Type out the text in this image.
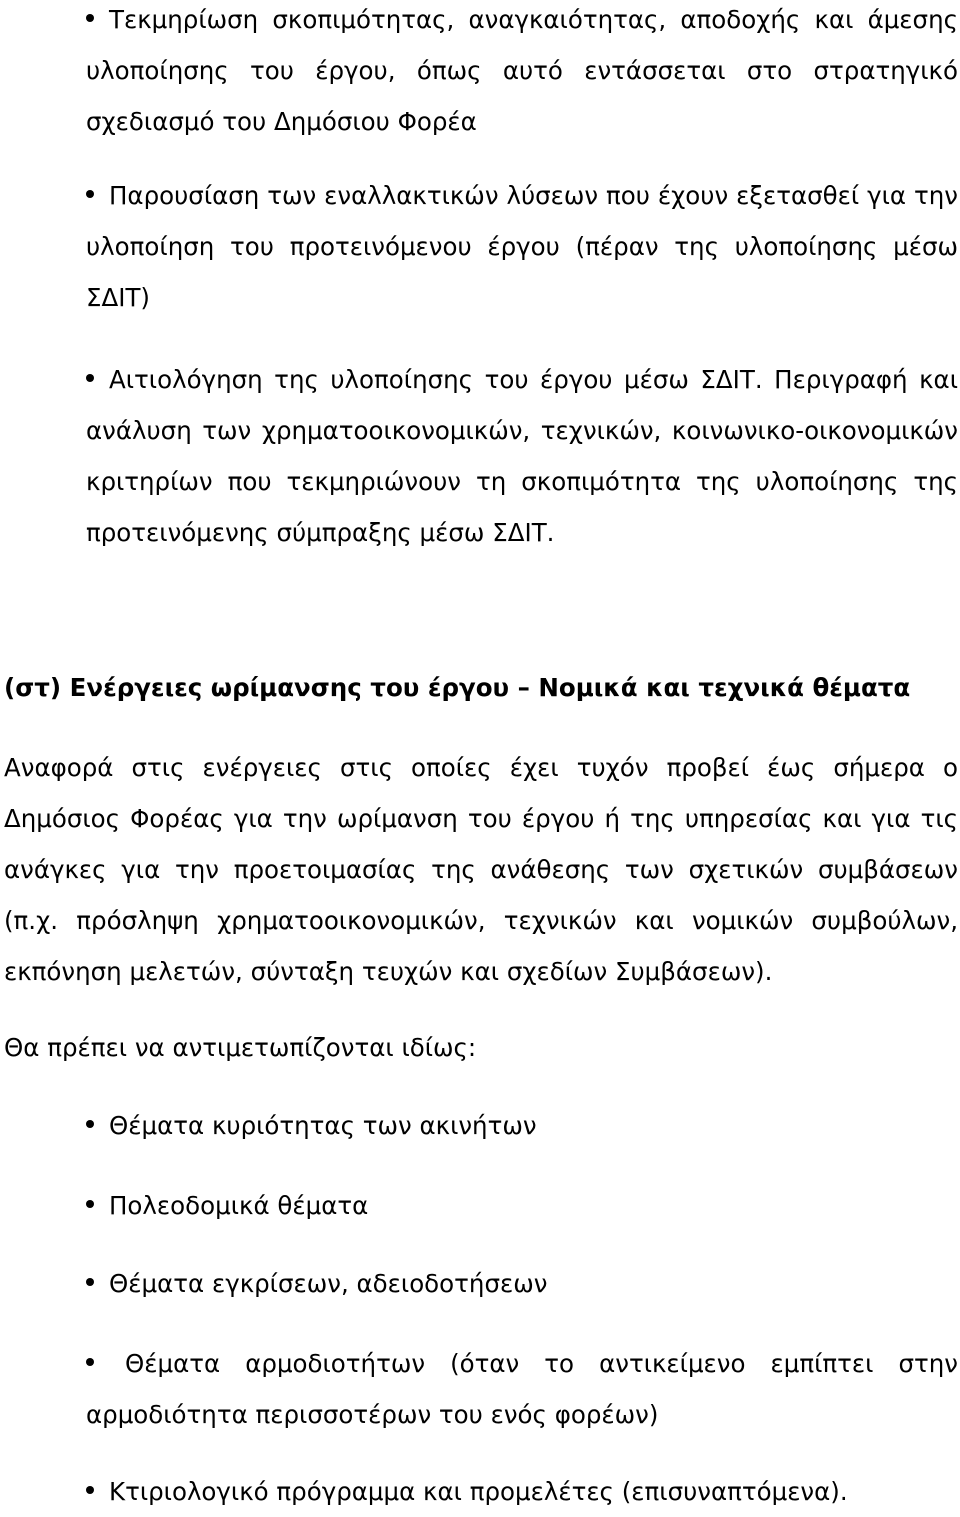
Τεκμηρίωση σκοπιμότητας, αναγκαιότητας, αποδοχής και άμεσης υλοποίησης του έργου, όπως αυτό εντάσσεται στο στρατηγικό σχεδιασμό του Δημόσιου Φορέα
Παρουσίαση των εναλλακτικών λύσεων που έχουν εξετασθεί για την υλοποίηση του προτεινόμενου έργου (πέραν της υλοποίησης μέσω ΣΔΙΤ)
Αιτιολόγηση της υλοποίησης του έργου μέσω ΣΔΙΤ. Περιγραφή και ανάλυση των χρηματοοικονομικών, τεχνικών, κοινωνικο-οικονομικών κριτηρίων που τεκμηριώνουν τη σκοπιμότητα της υλοποίησης της προτεινόμενης σύμπραξης μέσω ΣΔΙΤ.
(στ) Ενέργειες ωρίμανσης του έργου – Νομικά και τεχνικά θέματα
Αναφορά στις ενέργειες στις οποίες έχει τυχόν προβεί έως σήμερα ο Δημόσιος Φορέας για την ωρίμανση του έργου ή της υπηρεσίας και για τις ανάγκες για την προετοιμασίας της ανάθεσης των σχετικών συμβάσεων (π.χ. πρόσληψη χρηματοοικονομικών, τεχνικών και νομικών συμβούλων, εκπόνηση μελετών, σύνταξη τευχών και σχεδίων Συμβάσεων).
Θα πρέπει να αντιμετωπίζονται ιδίως:
Θέματα κυριότητας των ακινήτων
Πολεοδομικά θέματα
Θέματα εγκρίσεων, αδειοδοτήσεων
Θέματα αρμοδιοτήτων (όταν το αντικείμενο εμπίπτει στην αρμοδιότητα περισσοτέρων του ενός φορέων)
Κτιριολογικό πρόγραμμα και προμελέτες (επισυναπτόμενα).
